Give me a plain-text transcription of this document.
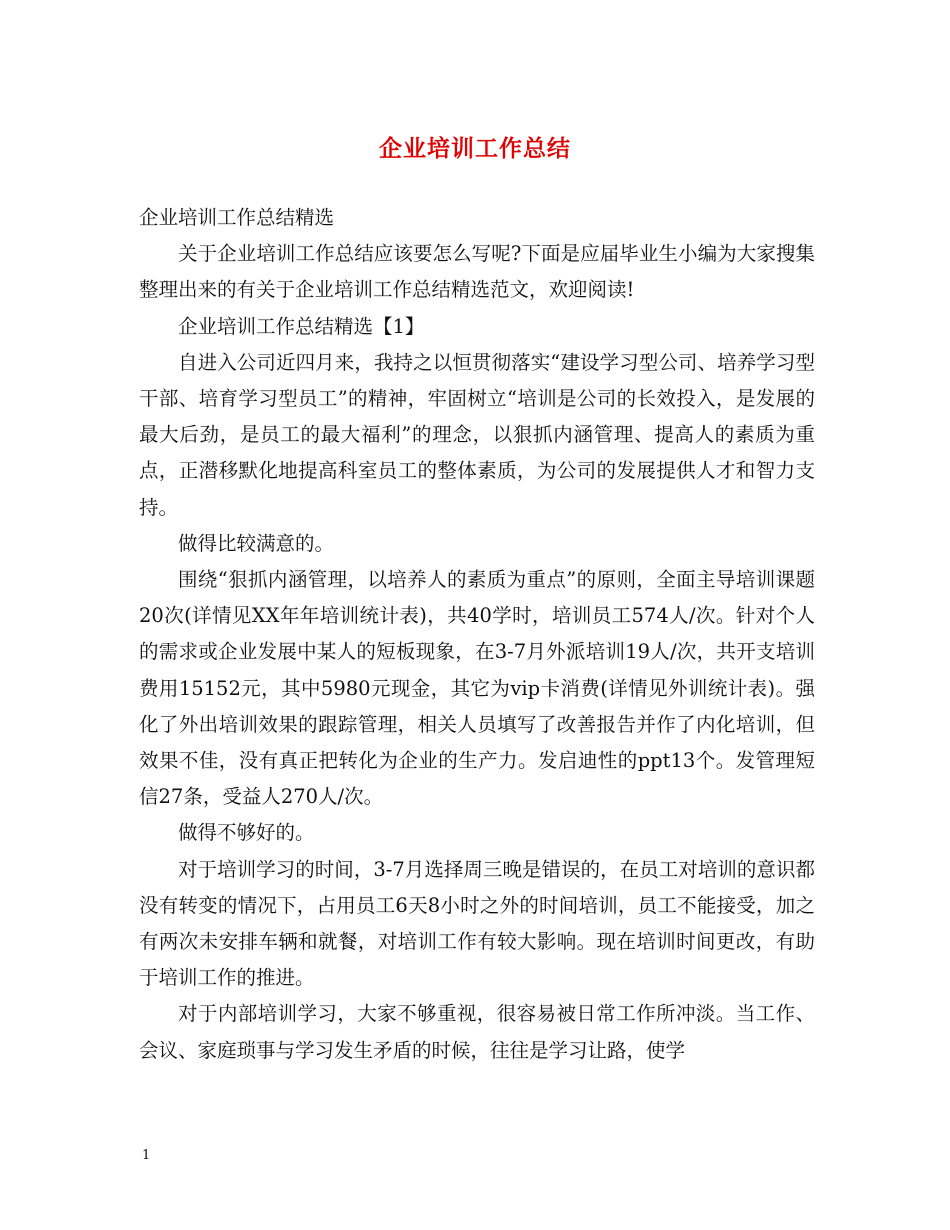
企业培训工作总结

企业培训工作总结精选

关于企业培训工作总结应该要怎么写呢?下面是应届毕业生小编为大家搜集整理出来的有关于企业培训工作总结精选范文，欢迎阅读!

企业培训工作总结精选【1】

自进入公司近四月来，我持之以恒贯彻落实“建设学习型公司、培养学习型干部、培育学习型员工”的精神，牢固树立“培训是公司的长效投入，是发展的最大后劲，是员工的最大福利”的理念，以狠抓内涵管理、提高人的素质为重点，正潜移默化地提高科室员工的整体素质，为公司的发展提供人才和智力支持。

做得比较满意的。

围绕“狠抓内涵管理，以培养人的素质为重点”的原则，全面主导培训课题20次(详情见XX年年培训统计表)，共40学时，培训员工574人/次。针对个人的需求或企业发展中某人的短板现象，在3-7月外派培训19人/次，共开支培训费用15152元，其中5980元现金，其它为vip卡消费(详情见外训统计表)。强化了外出培训效果的跟踪管理，相关人员填写了改善报告并作了内化培训，但效果不佳，没有真正把转化为企业的生产力。发启迪性的ppt13个。发管理短信27条，受益人270人/次。

做得不够好的。

对于培训学习的时间，3-7月选择周三晚是错误的，在员工对培训的意识都没有转变的情况下，占用员工6天8小时之外的时间培训，员工不能接受，加之有两次未安排车辆和就餐，对培训工作有较大影响。现在培训时间更改，有助于培训工作的推进。

对于内部培训学习，大家不够重视，很容易被日常工作所冲淡。当工作、会议、家庭琐事与学习发生矛盾的时候，往往是学习让路，使学

1
